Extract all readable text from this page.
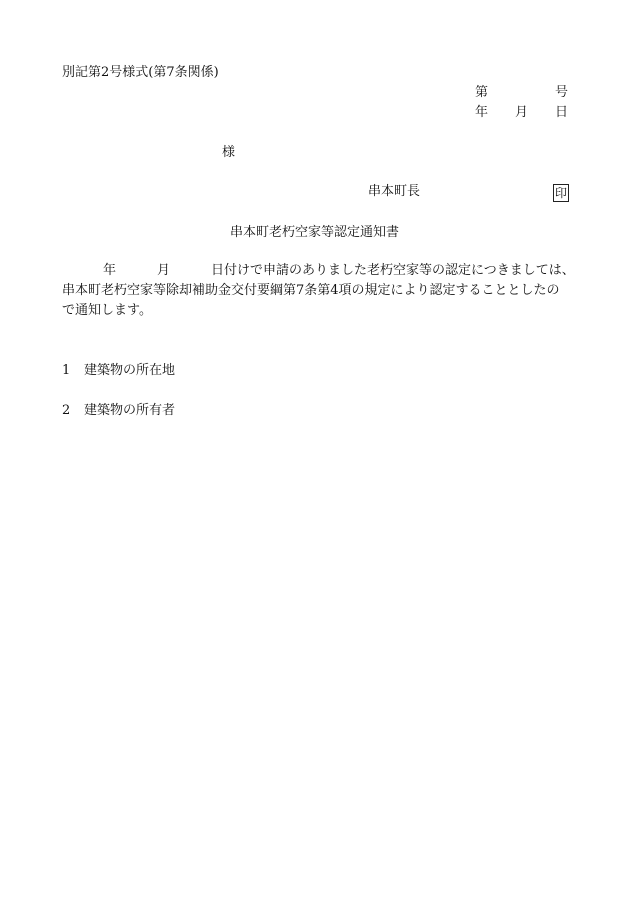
別記第2号様式(第7条関係)
第	号
年 月 日
様
串本町長	印
串本町老朽空家等認定通知書
年	月	日付けで申請のありました老朽空家等の認定につきましては、
串本町老朽空家等除却補助金交付要綱第7条第4項の規定により認定することとしたの
で通知します。
1 建築物の所在地
2 建築物の所有者
